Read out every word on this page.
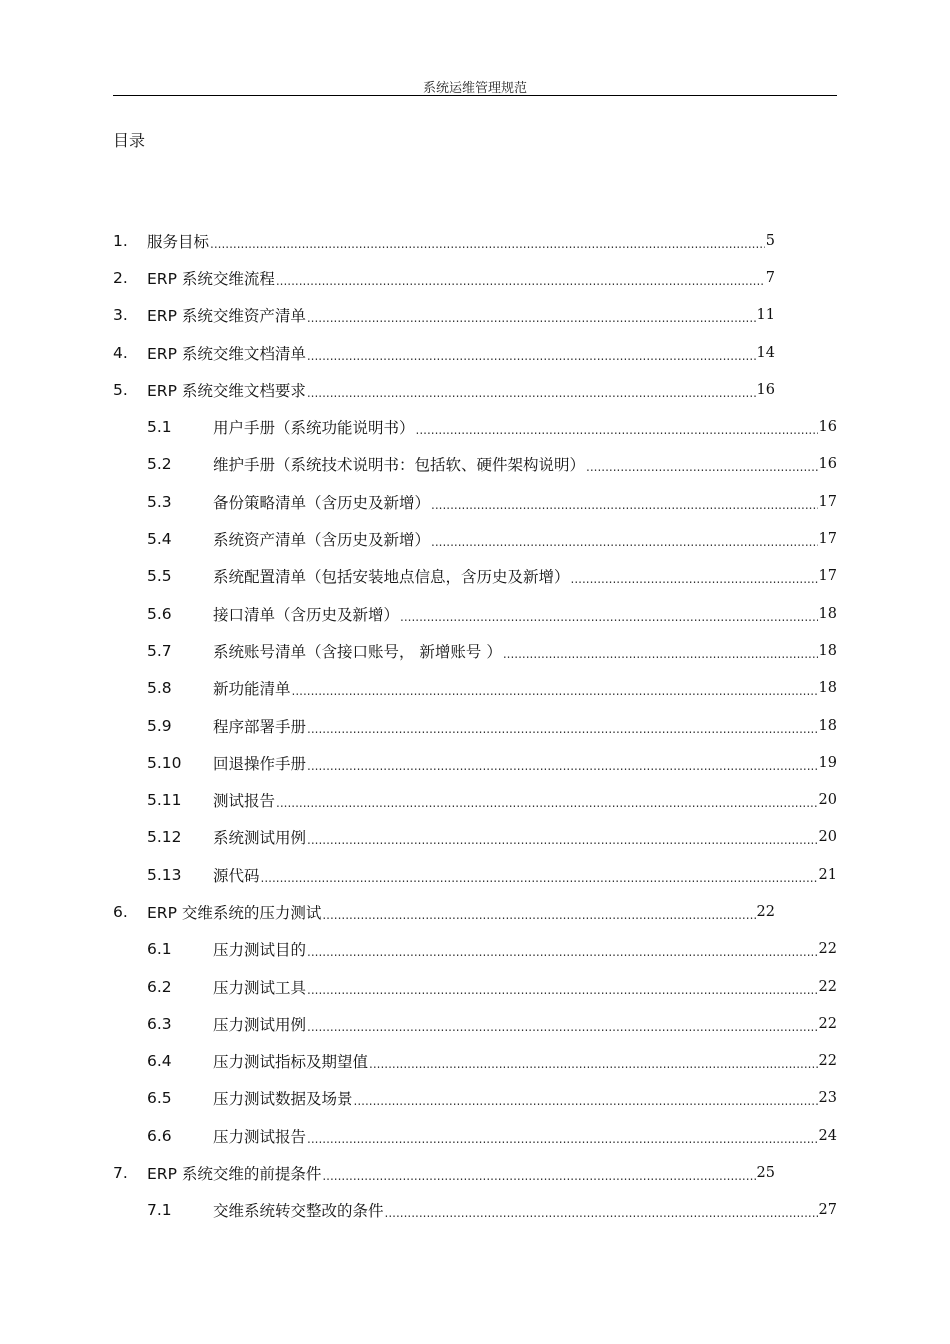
系统运维管理规范
目录
1.	服务目标 .....	5
2.	ERP 系统交维流程 .....	7
3.	ERP 系统交维资产清单 .....	11
4.	ERP 系统交维文档清单 .....	14
5.	ERP 系统交维文档要求 .....	16
5.1	用户手册（系统功能说明书） .....	16
5.2	维护手册（系统技术说明书：包括软、硬件架构说明） .....	16
5.3	备份策略清单（含历史及新增） .....	17
5.4	系统资产清单（含历史及新增） .....	17
5.5	系统配置清单（包括安装地点信息，含历史及新增） .....	17
5.6	接口清单（含历史及新增） .....	18
5.7	系统账号清单（含接口账号， 新增账号 ） .....	18
5.8	新功能清单 .....	18
5.9	程序部署手册 .....	18
5.10	回退操作手册 .....	19
5.11	测试报告 .....	20
5.12	系统测试用例 .....	20
5.13	源代码 .....	21
6.	ERP 交维系统的压力测试 .....	22
6.1	压力测试目的 .....	22
6.2	压力测试工具 .....	22
6.3	压力测试用例 .....	22
6.4	压力测试指标及期望值 .....	22
6.5	压力测试数据及场景 .....	23
6.6	压力测试报告 .....	24
7.	ERP 系统交维的前提条件 .....	25
7.1	交维系统转交整改的条件 .....	27
